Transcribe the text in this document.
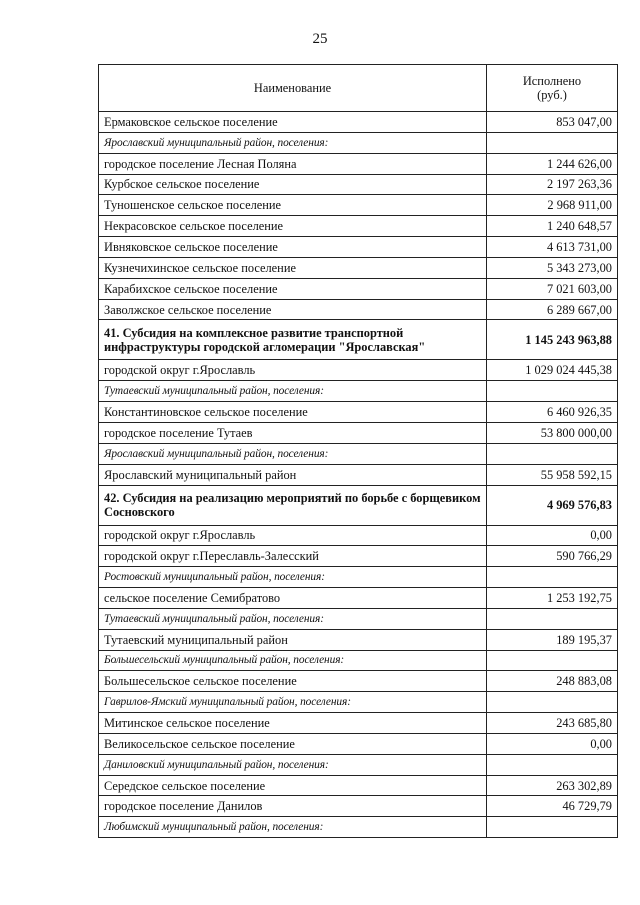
25
Наименование	Исполнено
(руб.)
Ермаковское сельское поселение	853 047,00
Ярославский муниципальный район, поселения:	
городское поселение Лесная Поляна	1 244 626,00
Курбское сельское поселение	2 197 263,36
Туношенское сельское поселение	2 968 911,00
Некрасовское сельское поселение	1 240 648,57
Ивняковское сельское поселение	4 613 731,00
Кузнечихинское сельское поселение	5 343 273,00
Карабихское сельское поселение	7 021 603,00
Заволжское сельское поселение	6 289 667,00
41. Субсидия на комплексное развитие транспортной инфраструктуры городской агломерации "Ярославская"	1 145 243 963,88
городской округ г.Ярославль	1 029 024 445,38
Тутаевский муниципальный район, поселения:	
Константиновское сельское поселение	6 460 926,35
городское поселение Тутаев	53 800 000,00
Ярославский муниципальный район, поселения:	
Ярославский муниципальный район	55 958 592,15
42. Субсидия на реализацию мероприятий по борьбе с борщевиком Сосновского	4 969 576,83
городской округ г.Ярославль	0,00
городской округ г.Переславль-Залесский	590 766,29
Ростовский муниципальный район, поселения:	
сельское поселение Семибратово	1 253 192,75
Тутаевский муниципальный район, поселения:	
Тутаевский муниципальный район	189 195,37
Большесельский муниципальный район, поселения:	
Большесельское сельское поселение	248 883,08
Гаврилов-Ямский муниципальный район, поселения:	
Митинское сельское поселение	243 685,80
Великосельское сельское поселение	0,00
Даниловский муниципальный район, поселения:	
Середское сельское поселение	263 302,89
городское поселение Данилов	46 729,79
Любимский муниципальный район, поселения:	
